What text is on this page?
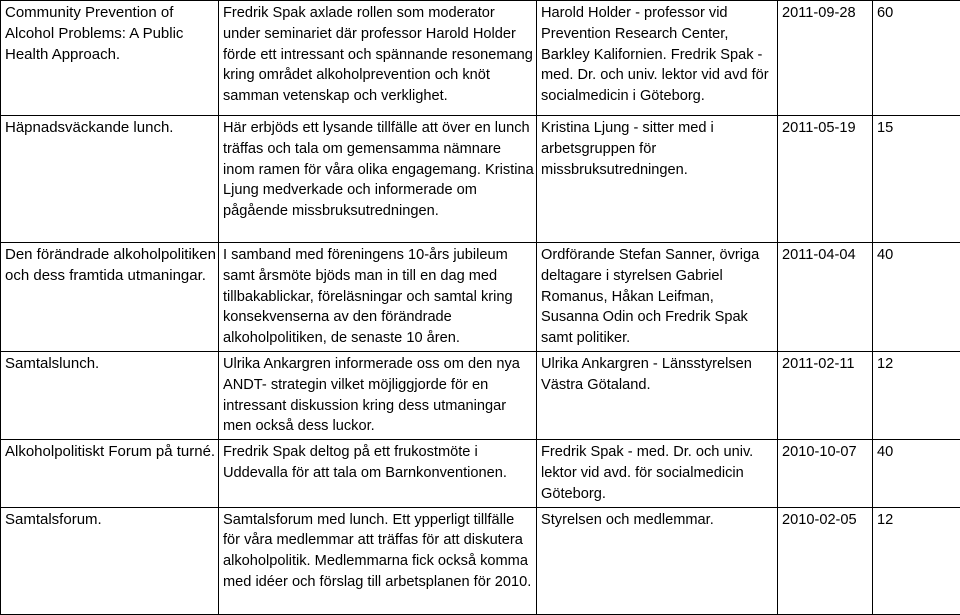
Community Prevention of Alcohol Problems: A Public Health Approach.	Fredrik Spak axlade rollen som moderator under seminariet där professor Harold Holder förde ett intressant och spännande resonemang kring området alkoholprevention och knöt samman vetenskap och verklighet.	Harold Holder - professor vid Prevention Research Center, Barkley Kalifornien. Fredrik Spak - med. Dr. och univ. lektor vid avd för socialmedicin i Göteborg.	2011-09-28	60
Häpnadsväckande lunch.	Här erbjöds ett lysande tillfälle att över en lunch träffas och tala om gemensamma nämnare inom ramen för våra olika engagemang. Kristina Ljung medverkade och informerade om pågående missbruksutredningen.	Kristina Ljung - sitter med i arbetsgruppen för missbruksutredningen.	2011-05-19	15
Den förändrade alkoholpolitiken och dess framtida utmaningar.	I samband med föreningens 10-års jubileum samt årsmöte bjöds man in till en dag med tillbakablickar, föreläsningar och samtal kring konsekvenserna av den förändrade alkoholpolitiken, de senaste 10 åren.	Ordförande Stefan Sanner, övriga deltagare i styrelsen Gabriel Romanus, Håkan Leifman, Susanna Odin och Fredrik Spak samt politiker.	2011-04-04	40
Samtalslunch.	Ulrika Ankargren informerade oss om den nya ANDT- strategin vilket möjliggjorde för en intressant diskussion kring dess utmaningar men också dess luckor.	Ulrika Ankargren - Länsstyrelsen Västra Götaland.	2011-02-11	12
Alkoholpolitiskt Forum på turné.	Fredrik Spak deltog på ett frukostmöte i Uddevalla för att tala om Barnkonventionen.	Fredrik Spak - med. Dr. och univ. lektor vid avd. för socialmedicin Göteborg.	2010-10-07	40
Samtalsforum.	Samtalsforum med lunch. Ett ypperligt tillfälle för våra medlemmar att träffas för att diskutera alkoholpolitik. Medlemmarna fick också komma med idéer och förslag till arbetsplanen för 2010.	Styrelsen och medlemmar.	2010-02-05	12
